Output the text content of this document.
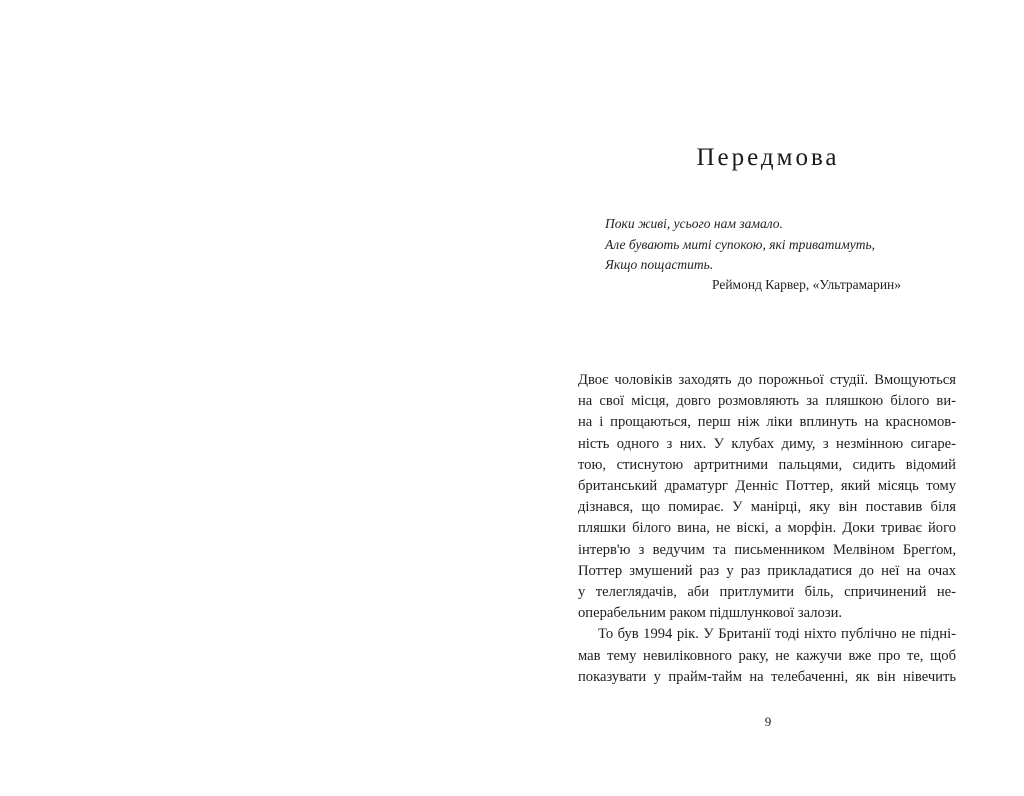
Передмова
Поки живі, усього нам замало.
Але бувають миті супокою, які триватимуть,
Якщо пощастить.
Реймонд Карвер, «Ультрамарин»
Двоє чоловіків заходять до порожньої студії. Вмощуються
на свої місця, довго розмовляють за пляшкою білого ви-
на і прощаються, перш ніж ліки вплинуть на красномов-
ність одного з них. У клубах диму, з незмінною сигаре-
тою, стиснутою артритними пальцями, сидить відомий
британський драматург Денніс Поттер, який місяць тому
дізнався, що помирає. У манірці, яку він поставив біля
пляшки білого вина, не віскі, а морфін. Доки триває його
інтерв'ю з ведучим та письменником Мелвіном Брегґом,
Поттер змушений раз у раз прикладатися до неї на очах
у телеглядачів, аби притлумити біль, спричинений не-
операбельним раком підшлункової залози.
То був 1994 рік. У Британії тоді ніхто публічно не підні-
мав тему невиліковного раку, не кажучи вже про те, щоб
показувати у прайм-тайм на телебаченні, як він нівечить
9
